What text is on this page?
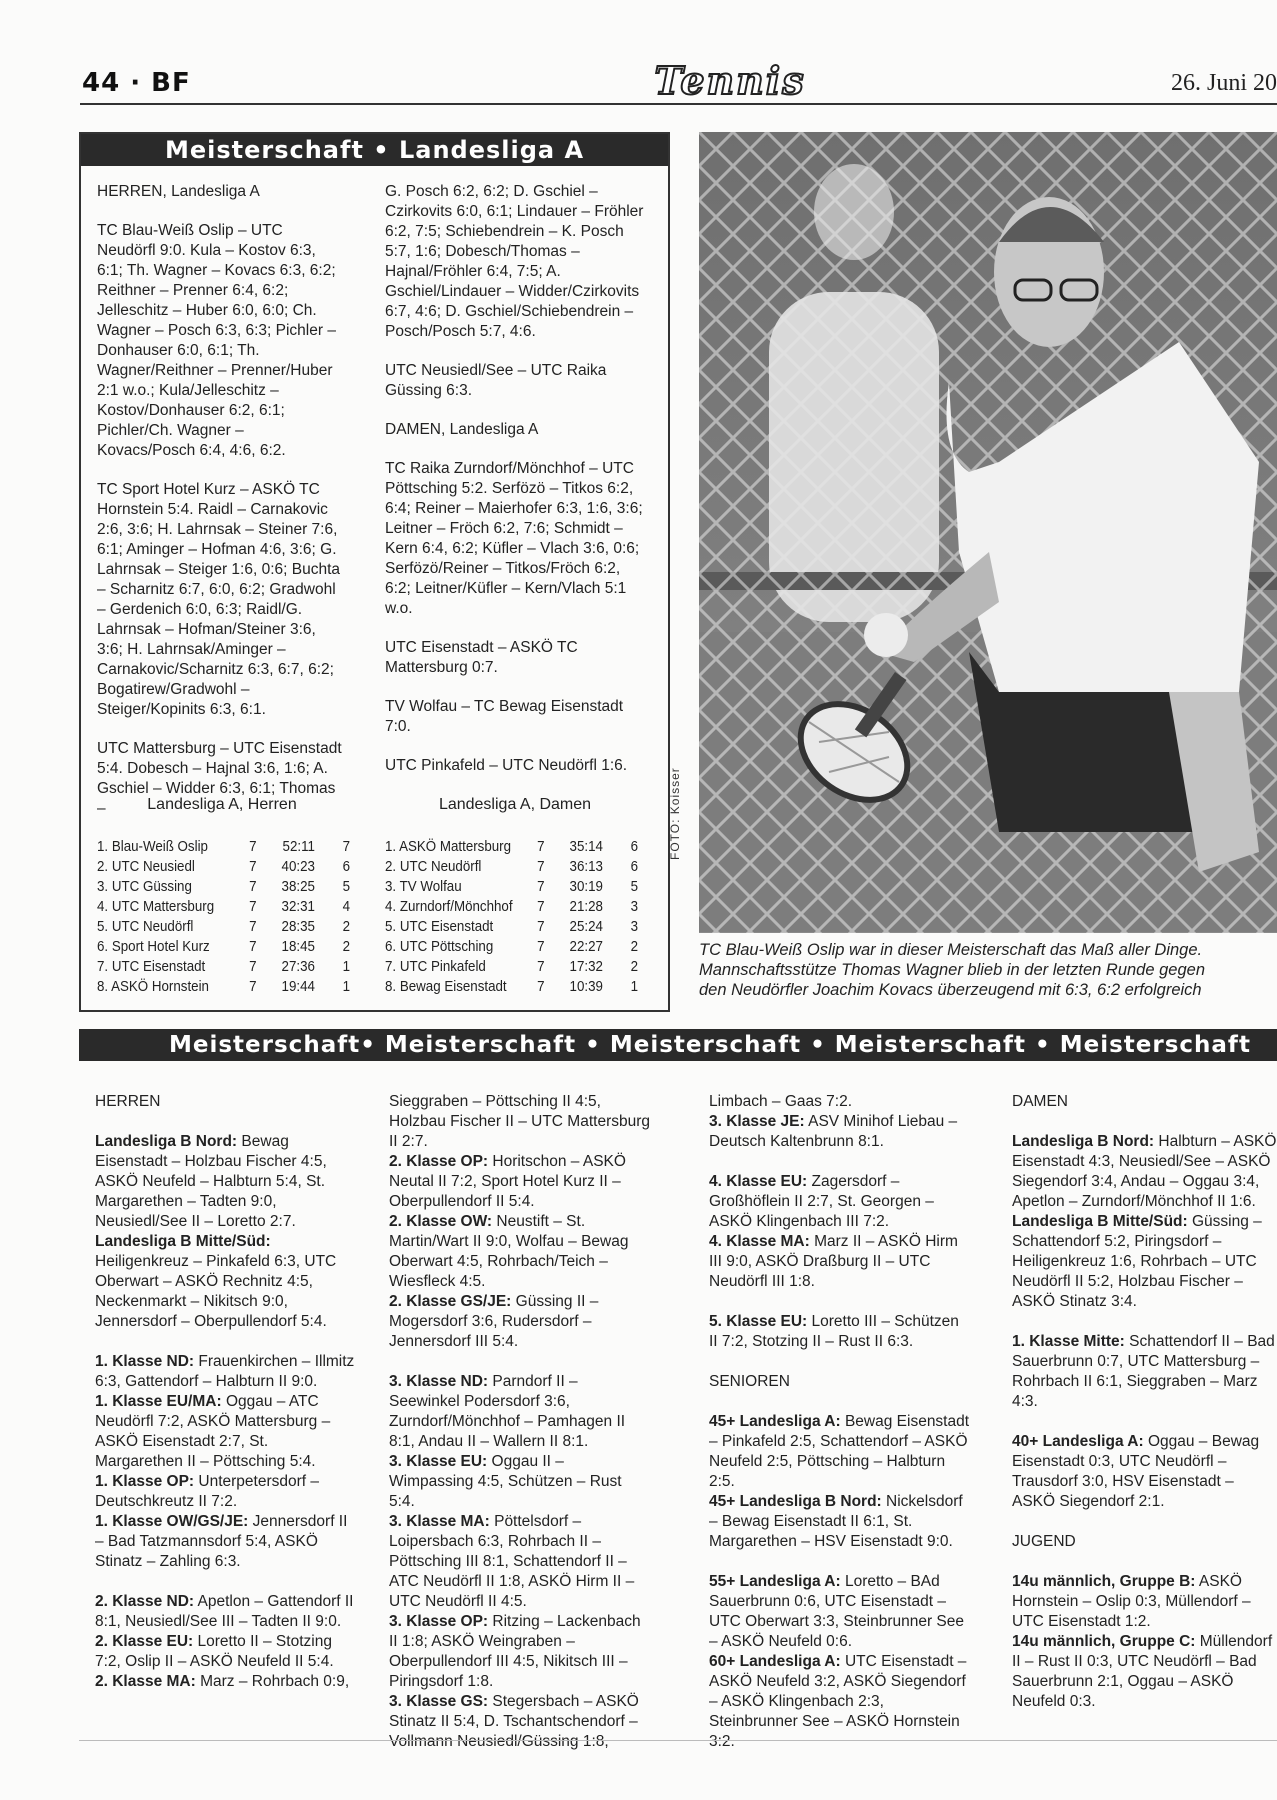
44 · BF	Tennis	26. Juni 20
Meisterschaft • Landesliga A
HERREN, Landesliga A

TC Blau-Weiß Oslip – UTC Neudörfl 9:0. Kula – Kostov 6:3, 6:1; Th. Wagner – Kovacs 6:3, 6:2; Reithner – Prenner 6:4, 6:2; Jelleschitz – Huber 6:0, 6:0; Ch. Wagner – Posch 6:3, 6:3; Pichler – Donhauser 6:0, 6:1; Th. Wagner/Reithner – Prenner/Huber 2:1 w.o.; Kula/Jelleschitz – Kostov/Donhauser 6:2, 6:1; Pichler/Ch. Wagner – Kovacs/Posch 6:4, 4:6, 6:2.

TC Sport Hotel Kurz – ASKÖ TC Hornstein 5:4. Raidl – Carnakovic 2:6, 3:6; H. Lahrnsak – Steiner 7:6, 6:1; Aminger – Hofman 4:6, 3:6; G. Lahrnsak – Steiger 1:6, 0:6; Buchta – Scharnitz 6:7, 6:0, 6:2; Gradwohl – Gerdenich 6:0, 6:3; Raidl/G. Lahrnsak – Hofman/Steiner 3:6, 3:6; H. Lahrnsak/Aminger – Carnakovic/Scharnitz 6:3, 6:7, 6:2; Bogatirew/Gradwohl – Steiger/Kopinits 6:3, 6:1.

UTC Mattersburg – UTC Eisenstadt 5:4. Dobesch – Hajnal 3:6, 1:6; A. Gschiel – Widder 6:3, 6:1; Thomas –

G. Posch 6:2, 6:2; D. Gschiel – Czirkovits 6:0, 6:1; Lindauer – Fröhler 6:2, 7:5; Schiebendrein – K. Posch 5:7, 1:6; Dobesch/Thomas – Hajnal/Fröhler 6:4, 7:5; A. Gschiel/Lindauer – Widder/Czirkovits 6:7, 4:6; D. Gschiel/Schiebendrein – Posch/Posch 5:7, 4:6.

UTC Neusiedl/See – UTC Raika Güssing 6:3.

DAMEN, Landesliga A

TC Raika Zurndorf/Mönchhof – UTC Pöttsching 5:2. Serfözö – Titkos 6:2, 6:4; Reiner – Maierhofer 6:3, 1:6, 3:6; Leitner – Fröch 6:2, 7:6; Schmidt – Kern 6:4, 6:2; Küfler – Vlach 3:6, 0:6; Serfözö/Reiner – Titkos/Fröch 6:2, 6:2; Leitner/Küfler – Kern/Vlach 5:1 w.o.

UTC Eisenstadt – ASKÖ TC Mattersburg 0:7.

TV Wolfau – TC Bewag Eisenstadt 7:0.

UTC Pinkafeld – UTC Neudörfl 1:6.

Landesliga A, Herren
1. Blau-Weiß Oslip	7	52:11	7
2. UTC Neusiedl	7	40:23	6
3. UTC Güssing	7	38:25	5
4. UTC Mattersburg	7	32:31	4
5. UTC Neudörfl	7	28:35	2
6. Sport Hotel Kurz	7	18:45	2
7. UTC Eisenstadt	7	27:36	1
8. ASKÖ Hornstein	7	19:44	1
Landesliga A, Damen
1. ASKÖ Mattersburg	7	35:14	6
2. UTC Neudörfl	7	36:13	6
3. TV Wolfau	7	30:19	5
4. Zurndorf/Mönchhof	7	21:28	3
5. UTC Eisenstadt	7	25:24	3
6. UTC Pöttsching	7	22:27	2
7. UTC Pinkafeld	7	17:32	2
8. Bewag Eisenstadt	7	10:39	1
FOTO: Koisser
TC Blau-Weiß Oslip war in dieser Meisterschaft das Maß aller Dinge.
Mannschaftsstütze Thomas Wagner blieb in der letzten Runde gegen
den Neudörfler Joachim Kovacs überzeugend mit 6:3, 6:2 erfolgreich
Meisterschaft• Meisterschaft • Meisterschaft • Meisterschaft • Meisterschaft

HERREN

Landesliga B Nord: Bewag Eisenstadt – Holzbau Fischer 4:5, ASKÖ Neufeld – Halbturn 5:4, St. Margarethen – Tadten 9:0, Neusiedl/See II – Loretto 2:7.

Landesliga B Mitte/Süd: Heiligenkreuz – Pinkafeld 6:3, UTC Oberwart – ASKÖ Rechnitz 4:5, Neckenmarkt – Nikitsch 9:0, Jennersdorf – Oberpullendorf 5:4.

1. Klasse ND: Frauenkirchen – Illmitz 6:3, Gattendorf – Halbturn II 9:0.

1. Klasse EU/MA: Oggau – ATC Neudörfl 7:2, ASKÖ Mattersburg – ASKÖ Eisenstadt 2:7, St. Margarethen II – Pöttsching 5:4.

1. Klasse OP: Unterpetersdorf – Deutschkreutz II 7:2.

1. Klasse OW/GS/JE: Jennersdorf II – Bad Tatzmannsdorf 5:4, ASKÖ Stinatz – Zahling 6:3.

2. Klasse ND: Apetlon – Gattendorf II 8:1, Neusiedl/See III – Tadten II 9:0.

2. Klasse EU: Loretto II – Stotzing 7:2, Oslip II – ASKÖ Neufeld II 5:4.

2. Klasse MA: Marz – Rohrbach 0:9,

Sieggraben – Pöttsching II 4:5, Holzbau Fischer II – UTC Mattersburg II 2:7.

2. Klasse OP: Horitschon – ASKÖ Neutal II 7:2, Sport Hotel Kurz II – Oberpullendorf II 5:4.

2. Klasse OW: Neustift – St. Martin/Wart II 9:0, Wolfau – Bewag Oberwart 4:5, Rohrbach/Teich – Wiesfleck 4:5.

2. Klasse GS/JE: Güssing II – Mogersdorf 3:6, Rudersdorf – Jennersdorf III 5:4.

3. Klasse ND: Parndorf II – Seewinkel Podersdorf 3:6, Zurndorf/Mönchhof – Pamhagen II 8:1, Andau II – Wallern II 8:1.

3. Klasse EU: Oggau II – Wimpassing 4:5, Schützen – Rust 5:4.

3. Klasse MA: Pöttelsdorf – Loipersbach 6:3, Rohrbach II – Pöttsching III 8:1, Schattendorf II – ATC Neudörfl II 1:8, ASKÖ Hirm II – UTC Neudörfl II 4:5.

3. Klasse OP: Ritzing – Lackenbach II 1:8; ASKÖ Weingraben – Oberpullendorf III 4:5, Nikitsch III – Piringsdorf 1:8.

3. Klasse GS: Stegersbach – ASKÖ Stinatz II 5:4, D. Tschantschendorf – Vollmann Neusiedl/Güssing 1:8,

Limbach – Gaas 7:2.

3. Klasse JE: ASV Minihof Liebau – Deutsch Kaltenbrunn 8:1.

4. Klasse EU: Zagersdorf – Großhöflein II 2:7, St. Georgen – ASKÖ Klingenbach III 7:2.

4. Klasse MA: Marz II – ASKÖ Hirm III 9:0, ASKÖ Draßburg II – UTC Neudörfl III 1:8.

5. Klasse EU: Loretto III – Schützen II 7:2, Stotzing II – Rust II 6:3.

SENIOREN

45+ Landesliga A: Bewag Eisenstadt – Pinkafeld 2:5, Schattendorf – ASKÖ Neufeld 2:5, Pöttsching – Halbturn 2:5.

45+ Landesliga B Nord: Nickelsdorf – Bewag Eisenstadt II 6:1, St. Margarethen – HSV Eisenstadt 9:0.

55+ Landesliga A: Loretto – BAd Sauerbrunn 0:6, UTC Eisenstadt – UTC Oberwart 3:3, Steinbrunner See – ASKÖ Neufeld 0:6.

60+ Landesliga A: UTC Eisenstadt – ASKÖ Neufeld 3:2, ASKÖ Siegendorf – ASKÖ Klingenbach 2:3, Steinbrunner See – ASKÖ Hornstein 3:2.

DAMEN

Landesliga B Nord: Halbturn – ASKÖ Eisenstadt 4:3, Neusiedl/See – ASKÖ Siegendorf 3:4, Andau – Oggau 3:4, Apetlon – Zurndorf/Mönchhof II 1:6.

Landesliga B Mitte/Süd: Güssing – Schattendorf 5:2, Piringsdorf – Heiligenkreuz 1:6, Rohrbach – UTC Neudörfl II 5:2, Holzbau Fischer – ASKÖ Stinatz 3:4.

1. Klasse Mitte: Schattendorf II – Bad Sauerbrunn 0:7, UTC Mattersburg – Rohrbach II 6:1, Sieggraben – Marz 4:3.

40+ Landesliga A: Oggau – Bewag Eisenstadt 0:3, UTC Neudörfl – Trausdorf 3:0, HSV Eisenstadt – ASKÖ Siegendorf 2:1.

JUGEND

14u männlich, Gruppe B: ASKÖ Hornstein – Oslip 0:3, Müllendorf – UTC Eisenstadt 1:2.

14u männlich, Gruppe C: Müllendorf II – Rust II 0:3, UTC Neudörfl – Bad Sauerbrunn 2:1, Oggau – ASKÖ Neufeld 0:3.
